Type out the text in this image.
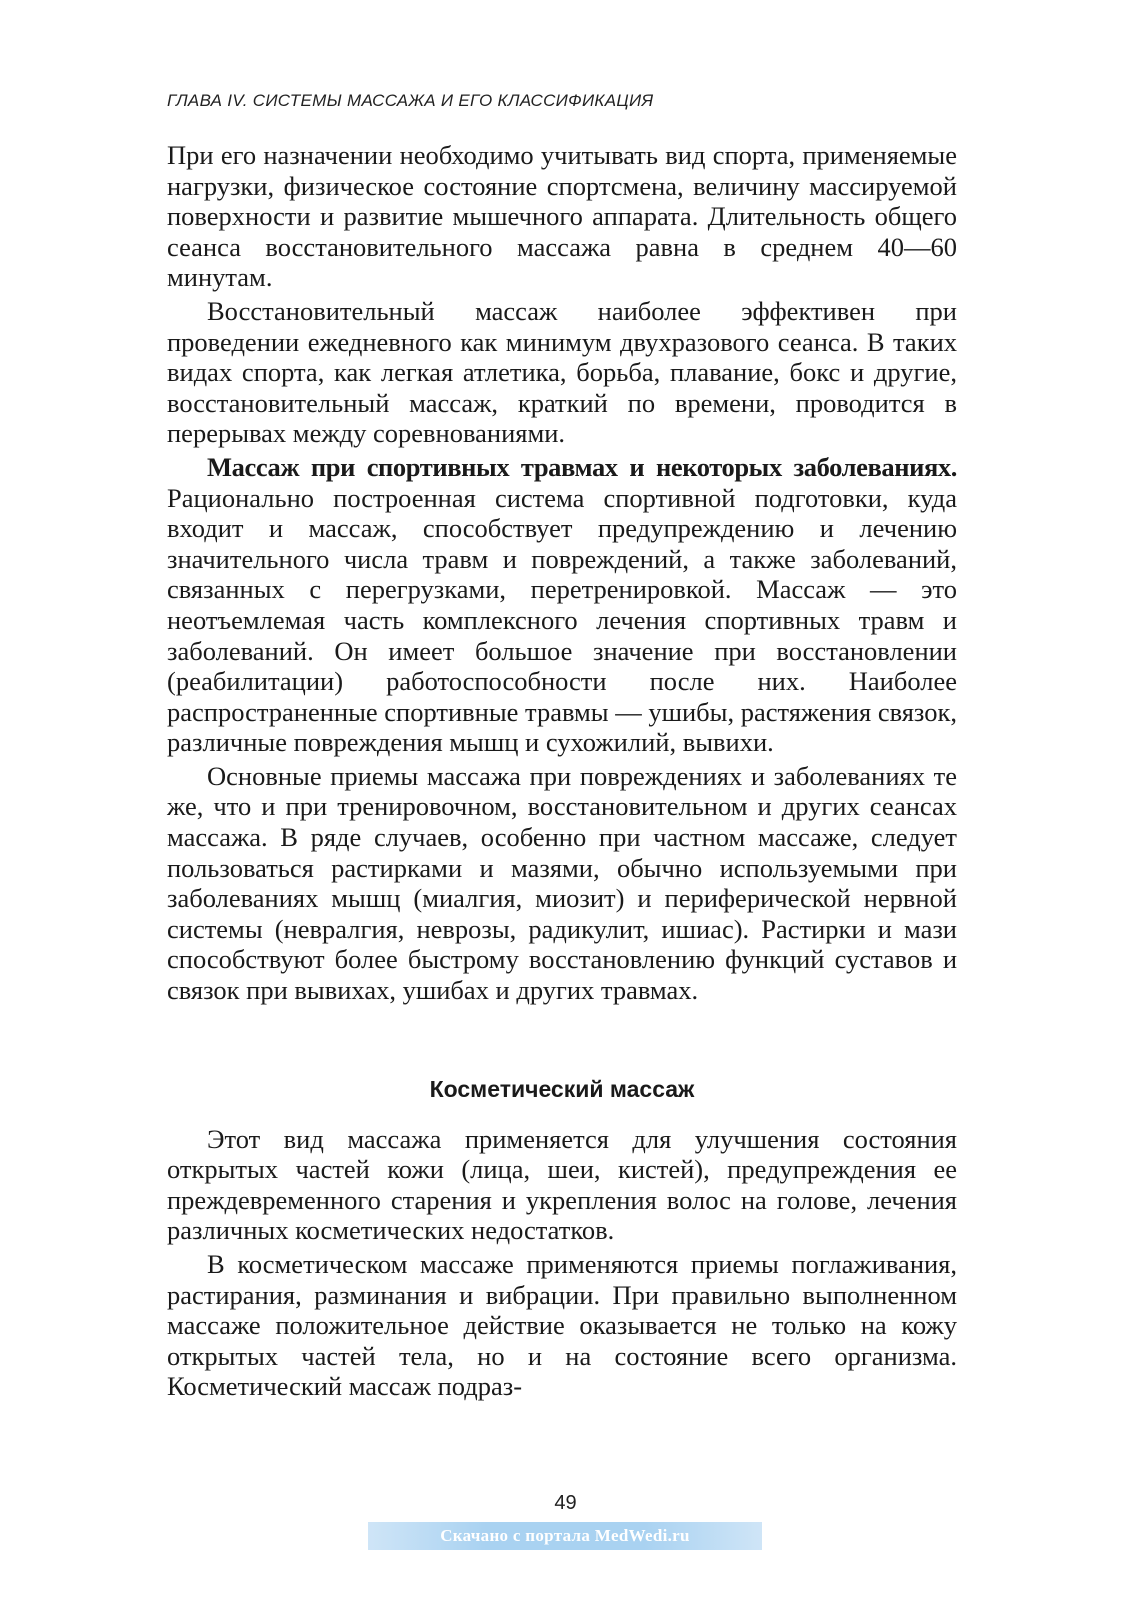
ГЛАВА IV. СИСТЕМЫ МАССАЖА И ЕГО КЛАССИФИКАЦИЯ

При его назначении необходимо учитывать вид спорта, применяемые нагрузки, физическое состояние спортсмена, величину массируемой поверхности и развитие мышечного аппарата. Длительность общего сеанса восстановительного массажа равна в среднем 40—60 минутам.

Восстановительный массаж наиболее эффективен при проведении ежедневного как минимум двухразового сеанса. В таких видах спорта, как легкая атлетика, борьба, плавание, бокс и другие, восстановительный массаж, краткий по времени, проводится в перерывах между соревнованиями.

Массаж при спортивных травмах и некоторых заболеваниях. Рационально построенная система спортивной подготовки, куда входит и массаж, способствует предупреждению и лечению значительного числа травм и повреждений, а также заболеваний, связанных с перегрузками, перетренировкой. Массаж — это неотъемлемая часть комплексного лечения спортивных травм и заболеваний. Он имеет большое значение при восстановлении (реабилитации) работоспособности после них. Наиболее распространенные спортивные травмы — ушибы, растяжения связок, различные повреждения мышц и сухожилий, вывихи.

Основные приемы массажа при повреждениях и заболеваниях те же, что и при тренировочном, восстановительном и других сеансах массажа. В ряде случаев, особенно при частном массаже, следует пользоваться растирками и мазями, обычно используемыми при заболеваниях мышц (миалгия, миозит) и периферической нервной системы (невралгия, неврозы, радикулит, ишиас). Растирки и мази способствуют более быстрому восстановлению функций суставов и связок при вывихах, ушибах и других травмах.

Косметический массаж

Этот вид массажа применяется для улучшения состояния открытых частей кожи (лица, шеи, кистей), предупреждения ее преждевременного старения и укрепления волос на голове, лечения различных косметических недостатков.

В косметическом массаже применяются приемы поглаживания, растирания, разминания и вибрации. При правильно выполненном массаже положительное действие оказывается не только на кожу открытых частей тела, но и на состояние всего организма. Косметический массаж подраз-

49
Скачано с портала MedWedi.ru
